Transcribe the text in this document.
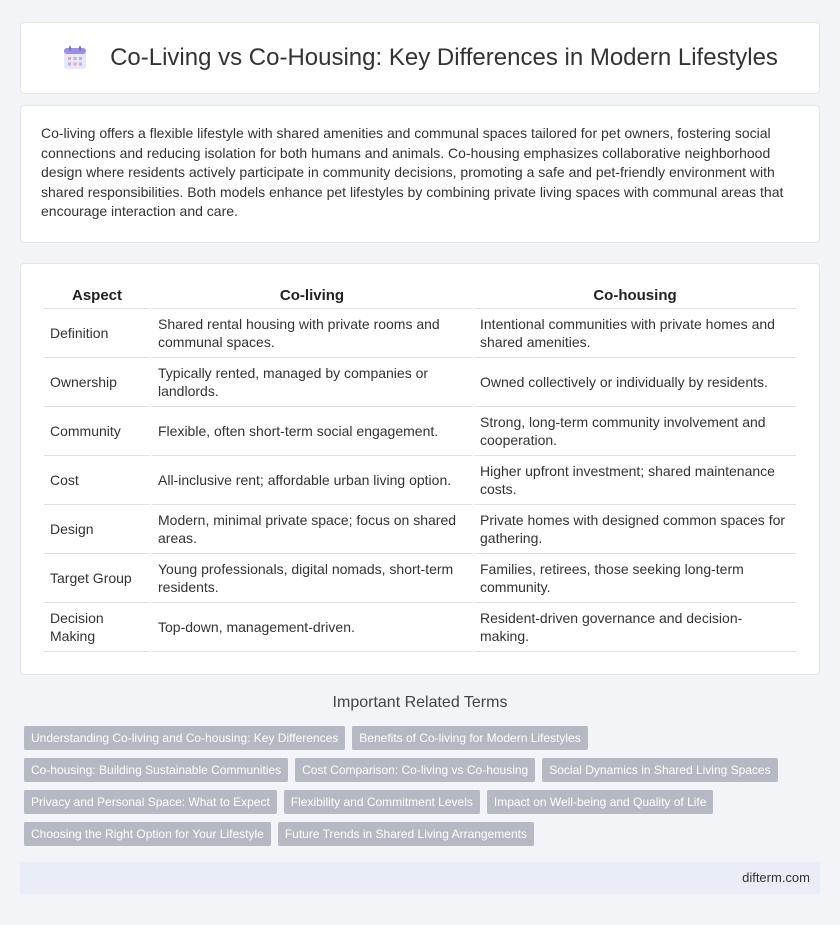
Co-Living vs Co-Housing: Key Differences in Modern Lifestyles

Co-living offers a flexible lifestyle with shared amenities and communal spaces tailored for pet owners, fostering social connections and reducing isolation for both humans and animals. Co-housing emphasizes collaborative neighborhood design where residents actively participate in community decisions, promoting a safe and pet-friendly environment with shared responsibilities. Both models enhance pet lifestyles by combining private living spaces with communal areas that encourage interaction and care.

Aspect	Co-living	Co-housing
Definition	Shared rental housing with private rooms and communal spaces.	Intentional communities with private homes and shared amenities.
Ownership	Typically rented, managed by companies or landlords.	Owned collectively or individually by residents.
Community	Flexible, often short-term social engagement.	Strong, long-term community involvement and cooperation.
Cost	All-inclusive rent; affordable urban living option.	Higher upfront investment; shared maintenance costs.
Design	Modern, minimal private space; focus on shared areas.	Private homes with designed common spaces for gathering.
Target Group	Young professionals, digital nomads, short-term residents.	Families, retirees, those seeking long-term community.
Decision Making	Top-down, management-driven.	Resident-driven governance and decision-making.
Important Related Terms
Understanding Co-living and Co-housing: Key Differences	Benefits of Co-living for Modern Lifestyles
Co-housing: Building Sustainable Communities	Cost Comparison: Co-living vs Co-housing	Social Dynamics in Shared Living Spaces
Privacy and Personal Space: What to Expect	Flexibility and Commitment Levels	Impact on Well-being and Quality of Life
Choosing the Right Option for Your Lifestyle	Future Trends in Shared Living Arrangements
difterm.com
